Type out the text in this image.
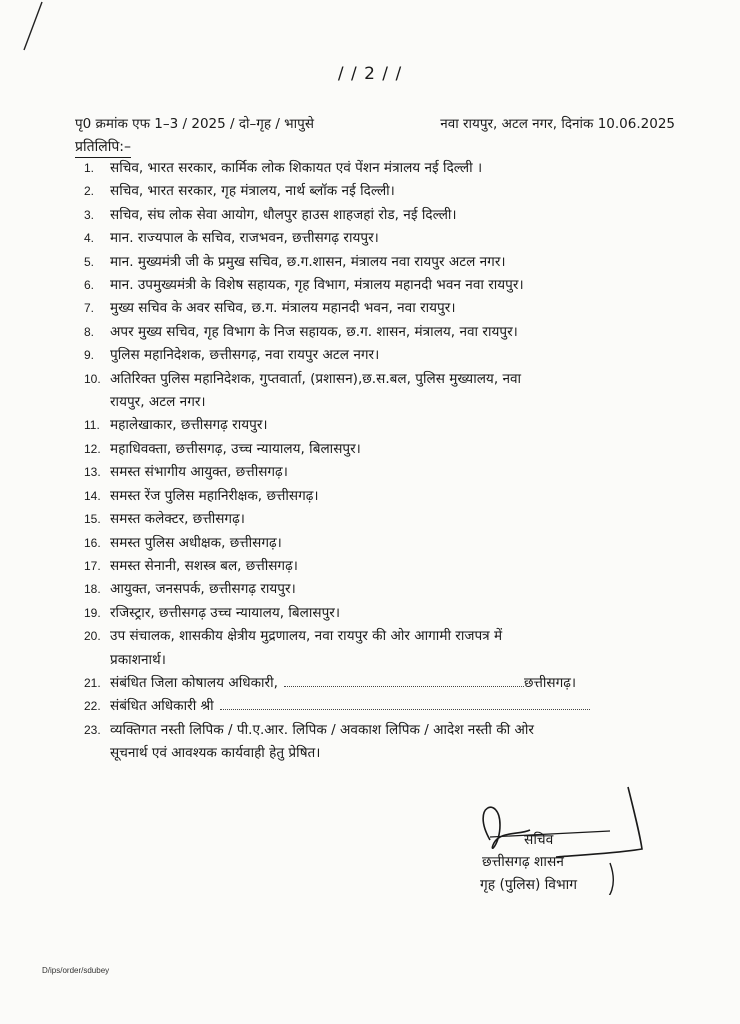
/ / 2 / /
पृ0 क्रमांक एफ 1–3 / 2025 / दो–गृह / भापुसे	नवा रायपुर, अटल नगर, दिनांक 10.06.2025
प्रतिलिपि:–
1. सचिव, भारत सरकार, कार्मिक लोक शिकायत एवं पेंशन मंत्रालय नई दिल्ली ।
2. सचिव, भारत सरकार, गृह मंत्रालय, नार्थ ब्लॉक नई दिल्ली।
3. सचिव, संघ लोक सेवा आयोग, धौलपुर हाउस शाहजहां रोड, नई दिल्ली।
4. मान. राज्यपाल के सचिव, राजभवन, छत्तीसगढ़ रायपुर।
5. मान. मुख्यमंत्री जी के प्रमुख सचिव, छ.ग.शासन, मंत्रालय नवा रायपुर अटल नगर।
6. मान. उपमुख्यमंत्री के विशेष सहायक, गृह विभाग, मंत्रालय महानदी भवन नवा रायपुर।
7. मुख्य सचिव के अवर सचिव, छ.ग. मंत्रालय महानदी भवन, नवा रायपुर।
8. अपर मुख्य सचिव, गृह विभाग के निज सहायक, छ.ग. शासन, मंत्रालय, नवा रायपुर।
9. पुलिस महानिदेशक, छत्तीसगढ़, नवा रायपुर अटल नगर।
10. अतिरिक्त पुलिस महानिदेशक, गुप्तवार्ता, (प्रशासन),छ.स.बल, पुलिस मुख्यालय, नवा
रायपुर, अटल नगर।
11. महालेखाकार, छत्तीसगढ़ रायपुर।
12. महाधिवक्ता, छत्तीसगढ़, उच्च न्यायालय, बिलासपुर।
13. समस्त संभागीय आयुक्त, छत्तीसगढ़।
14. समस्त रेंज पुलिस महानिरीक्षक, छत्तीसगढ़।
15. समस्त कलेक्टर, छत्तीसगढ़।
16. समस्त पुलिस अधीक्षक, छत्तीसगढ़।
17. समस्त सेनानी, सशस्त्र बल, छत्तीसगढ़।
18. आयुक्त, जनसपर्क, छत्तीसगढ़ रायपुर।
19. रजिस्ट्रार, छत्तीसगढ़ उच्च न्यायालय, बिलासपुर।
20. उप संचालक, शासकीय क्षेत्रीय मुद्रणालय, नवा रायपुर की ओर आगामी राजपत्र में
प्रकाशनार्थ।
21. संबंधित जिला कोषालय अधिकारी,	छत्तीसगढ़।
22. संबंधित अधिकारी श्री
23. व्यक्तिगत नस्ती लिपिक / पी.ए.आर. लिपिक / अवकाश लिपिक / आदेश नस्ती की ओर
सूचनार्थ एवं आवश्यक कार्यवाही हेतु प्रेषित।
सचिव
छत्तीसगढ़ शासन
गृह (पुलिस) विभाग
D/ips/order/sdubey
